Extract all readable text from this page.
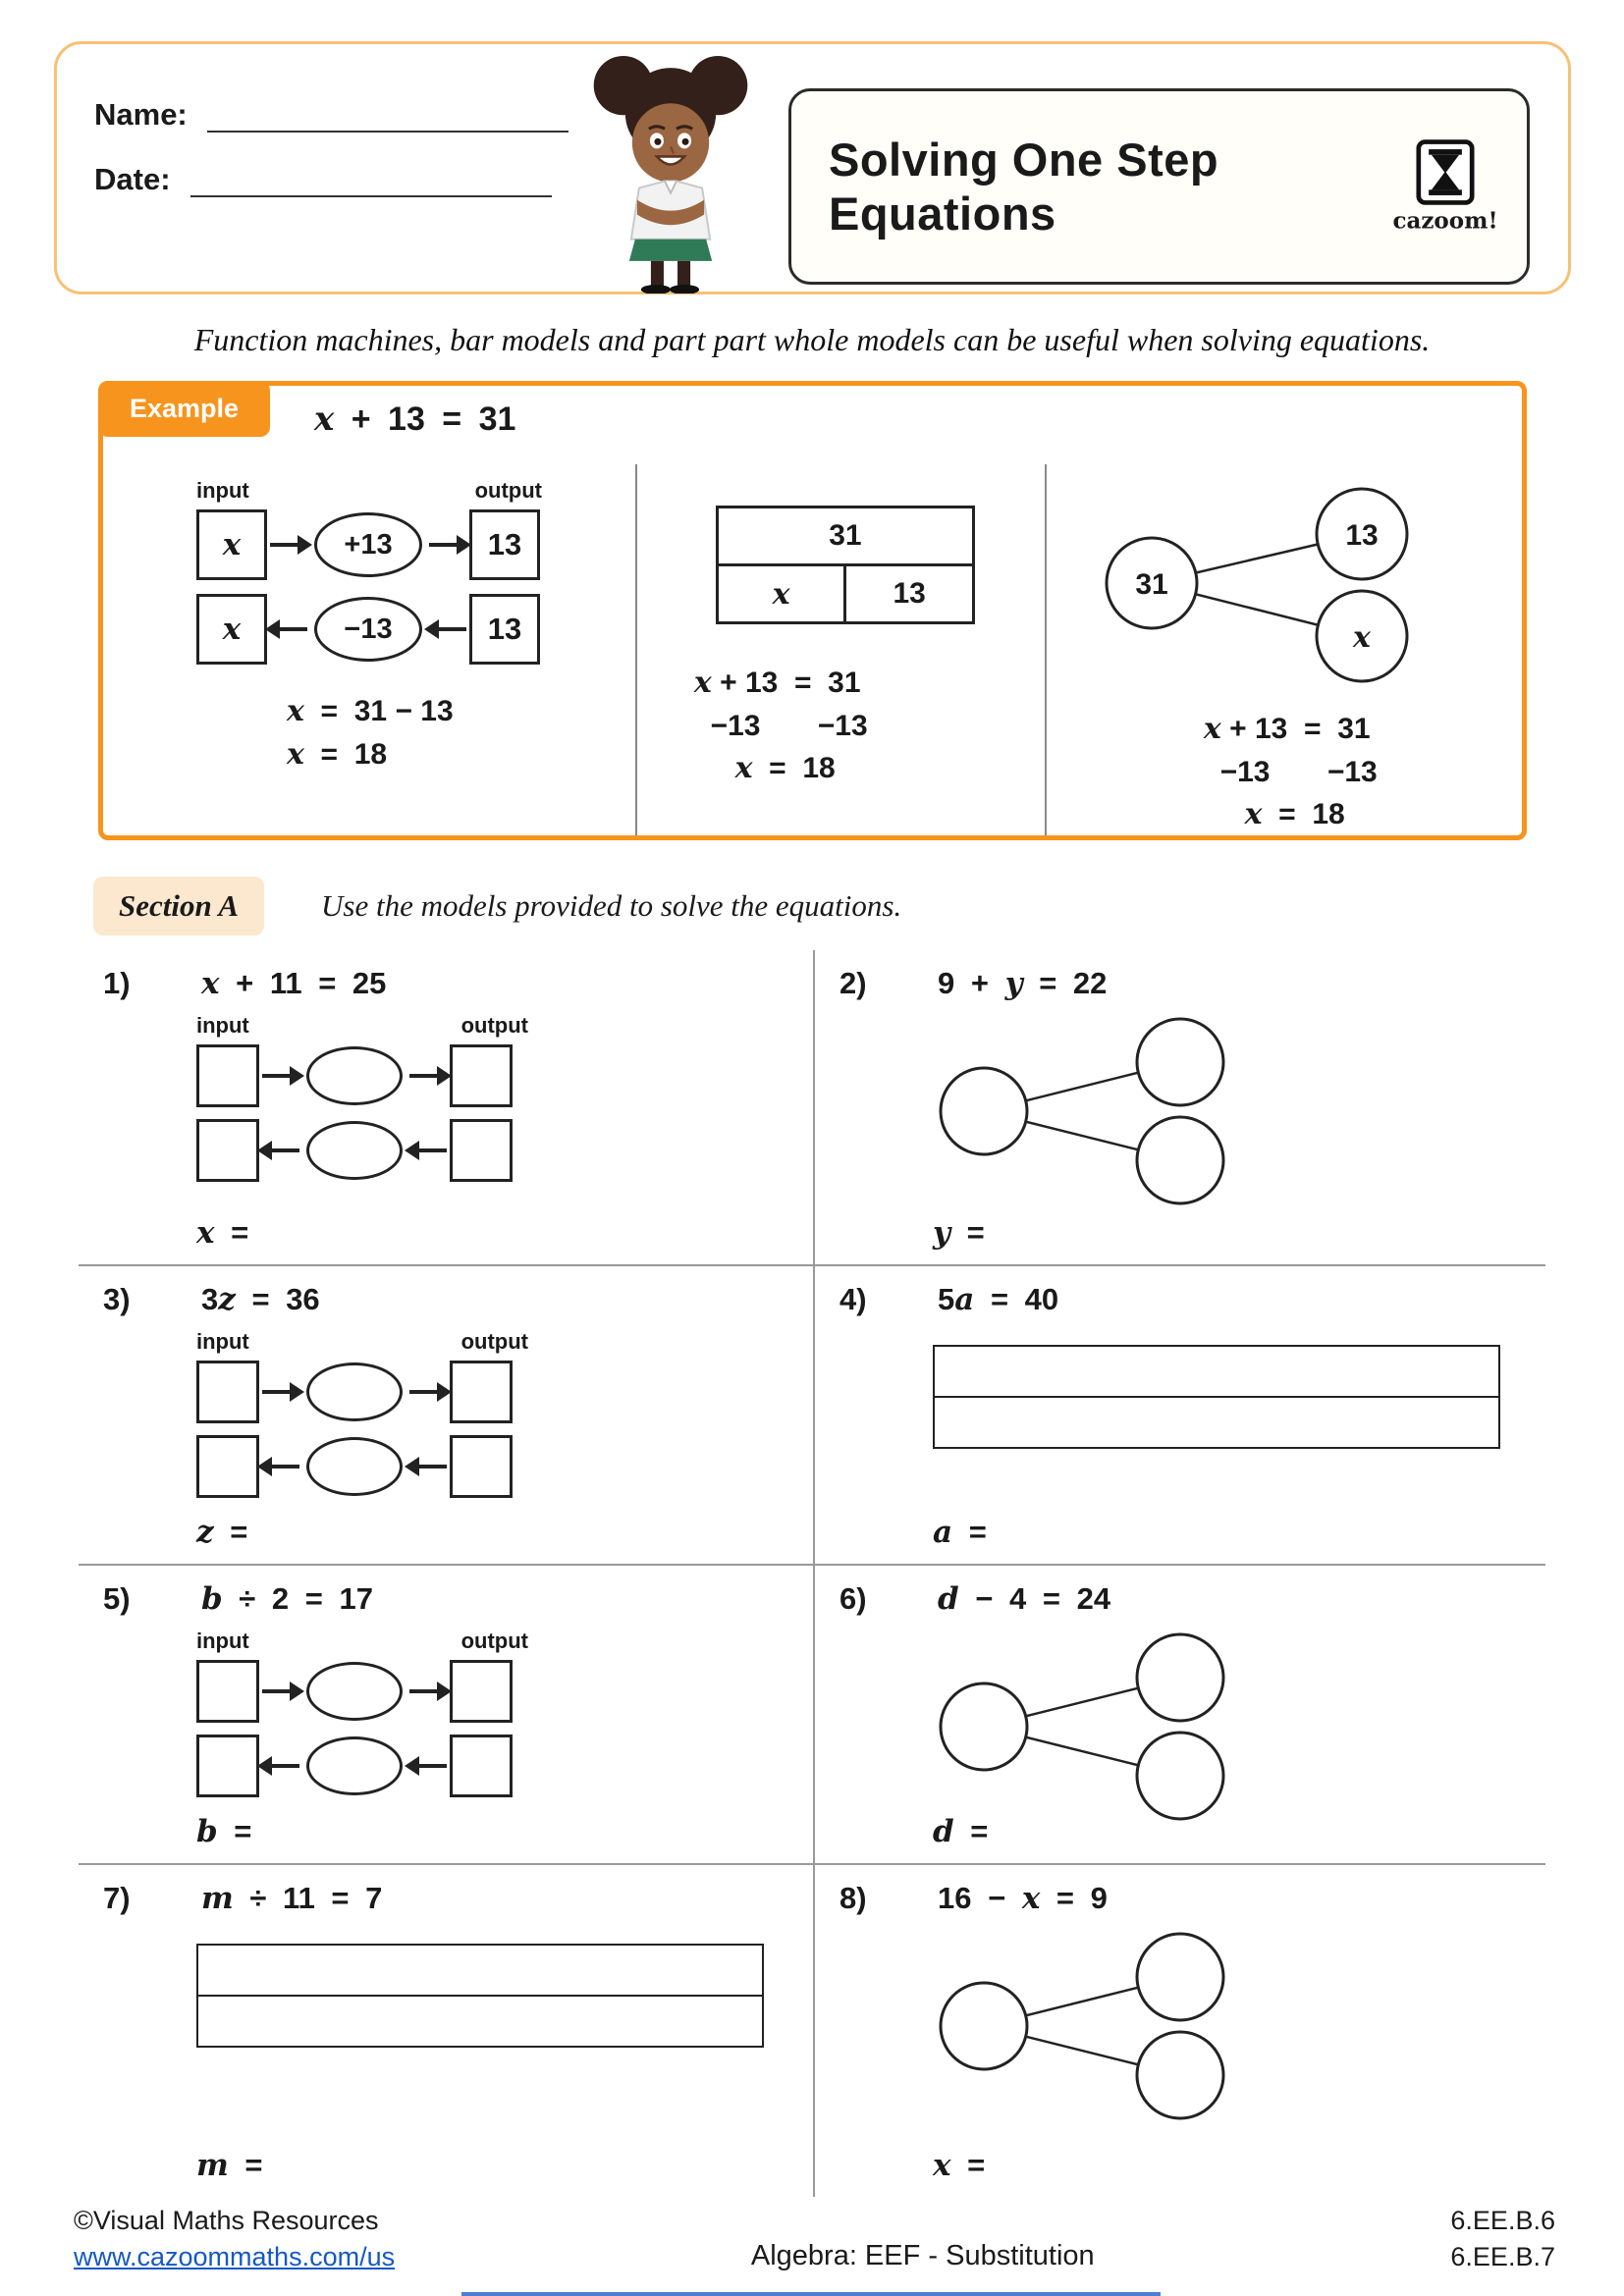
Name:
Date:	Solving One Step
Equations	cazoom!
Function machines, bar models and part part whole models can be useful when solving equations.
Example	x + 13 = 31
input	output
x	+13	13
x	−13	13
x  =  31 − 13
x  =  18
31
x	13
x + 13  =  31
−13       −13
x  =  18
31
13
x
x + 13  =  31
−13       −13
x  =  18
Section A	Use the models provided to solve the equations.
1)	x + 11 = 25
input	output
x =
2)	9 + y = 22
y =
3)	3z = 36
input	output
z =
4)	5a = 40
a =
5)	b ÷ 2 = 17
input	output
b =
6)	d − 4 = 24
d =
7)	m ÷ 11 = 7
m =
8)	16 − x = 9
x =
©Visual Maths Resources
www.cazoommaths.com/us	Algebra: EEF - Substitution
6.EE.B.6
6.EE.B.7
